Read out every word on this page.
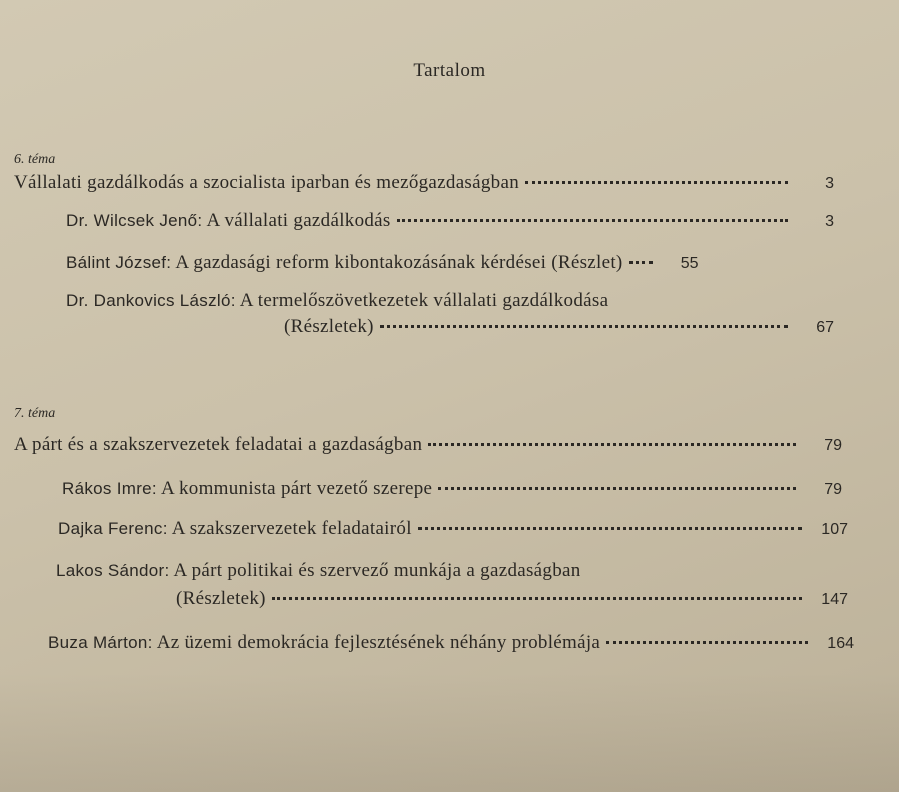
Tartalom
6. téma
Vállalati gazdálkodás a szocialista iparban és mezőgazdaságban	3
Dr. Wilcsek Jenő: A vállalati gazdálkodás	3
Bálint József: A gazdasági reform kibontakozásának kérdései (Részlet)	55
Dr. Dankovics László: A termelőszövetkezetek vállalati gazdálkodása
(Részletek)	67
7. téma
A párt és a szakszervezetek feladatai a gazdaságban	79
Rákos Imre: A kommunista párt vezető szerepe	79
Dajka Ferenc: A szakszervezetek feladatairól	107
Lakos Sándor: A párt politikai és szervező munkája a gazdaságban
(Részletek)	147
Buza Márton: Az üzemi demokrácia fejlesztésének néhány problémája	164
